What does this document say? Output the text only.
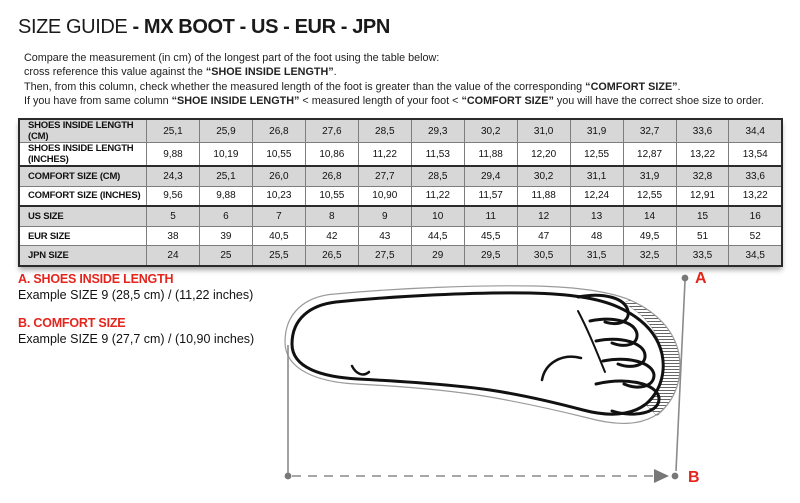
SIZE GUIDE - MX BOOT - US - EUR - JPN
Compare the measurement (in cm) of the longest part of the foot using the table below:
cross reference this value against the “SHOE INSIDE LENGTH”.
Then, from this column, check whether the measured length of the foot is greater than the value of the corresponding “COMFORT SIZE”.
If you have from same column “SHOE INSIDE LENGTH” < measured length of your foot < “COMFORT SIZE” you will have the correct shoe size to order.
SHOES INSIDE LENGTH (CM)	25,1	25,9	26,8	27,6	28,5	29,3	30,2	31,0	31,9	32,7	33,6	34,4
SHOES INSIDE LENGTH (INCHES)	9,88	10,19	10,55	10,86	11,22	11,53	11,88	12,20	12,55	12,87	13,22	13,54
COMFORT SIZE (CM)	24,3	25,1	26,0	26,8	27,7	28,5	29,4	30,2	31,1	31,9	32,8	33,6
COMFORT SIZE (INCHES)	9,56	9,88	10,23	10,55	10,90	11,22	11,57	11,88	12,24	12,55	12,91	13,22
US SIZE	5	6	7	8	9	10	11	12	13	14	15	16
EUR SIZE	38	39	40,5	42	43	44,5	45,5	47	48	49,5	51	52
JPN SIZE	24	25	25,5	26,5	27,5	29	29,5	30,5	31,5	32,5	33,5	34,5
A. SHOES INSIDE LENGTH
Example SIZE 9 (28,5 cm) / (11,22 inches)
B. COMFORT SIZE
Example SIZE 9 (27,7 cm) / (10,90 inches)
A
B
